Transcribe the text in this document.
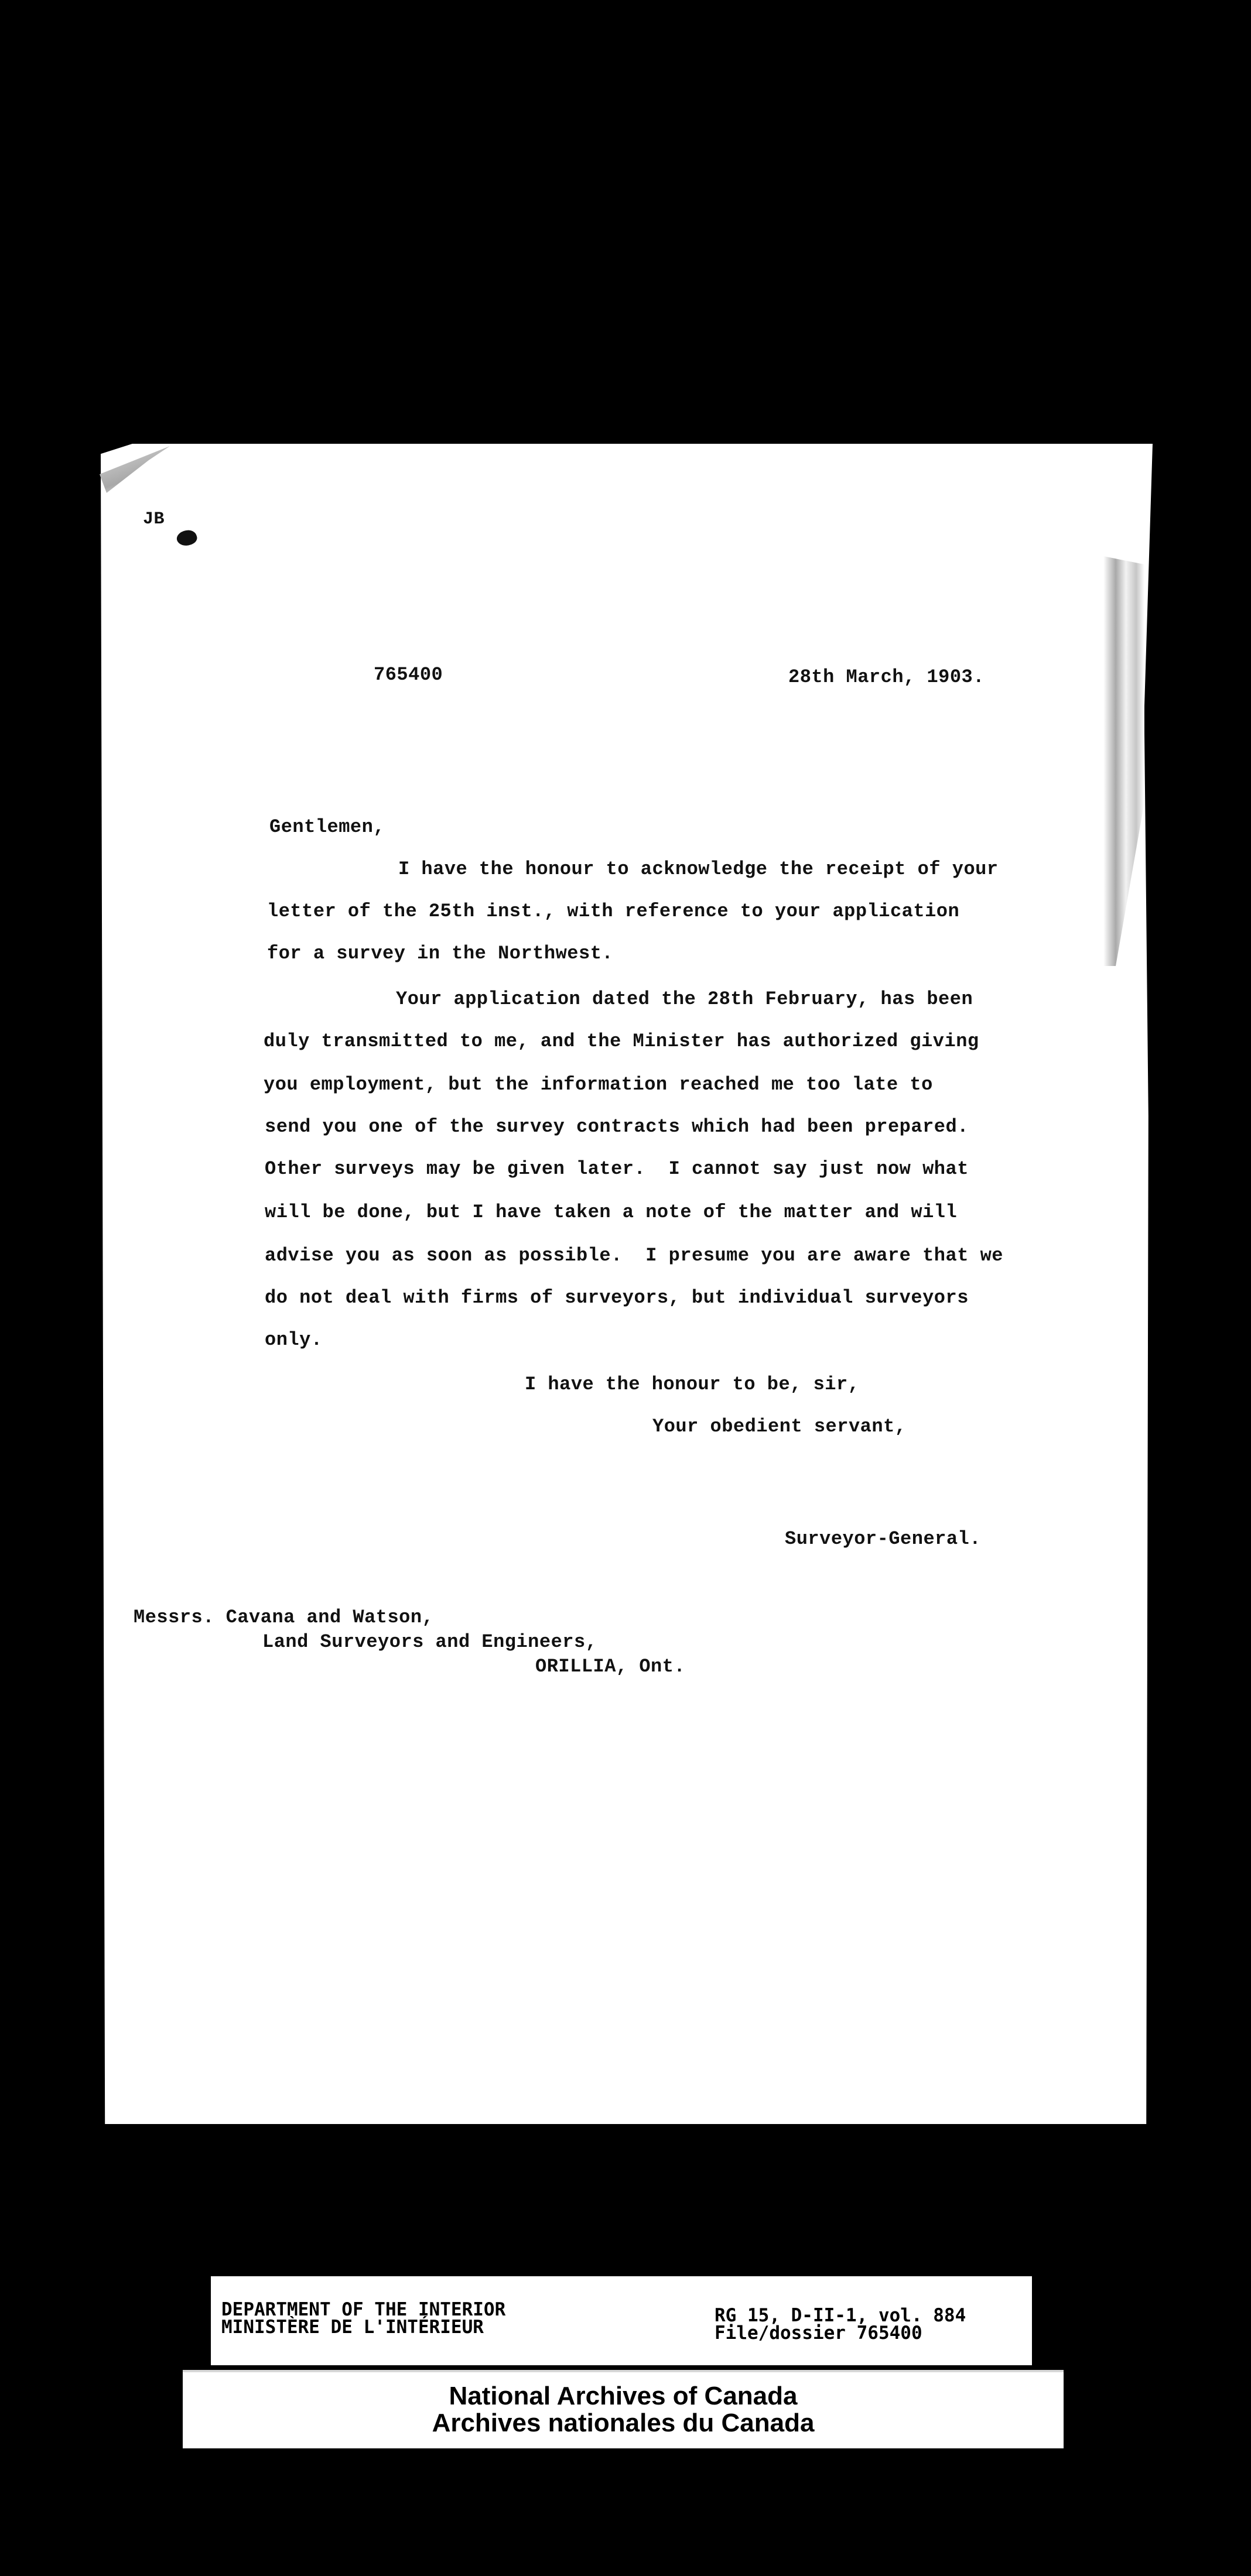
JB
765400	28th March, 1903.
Gentlemen,
I have the honour to acknowledge the receipt of your
letter of the 25th inst., with reference to your application
for a survey in the Northwest.
Your application dated the 28th February, has been
duly transmitted to me, and the Minister has authorized giving
you employment, but the information reached me too late to
send you one of the survey contracts which had been prepared.
Other surveys may be given later.  I cannot say just now what
will be done, but I have taken a note of the matter and will
advise you as soon as possible.  I presume you are aware that we
do not deal with firms of surveyors, but individual surveyors
only.
I have the honour to be, sir,
Your obedient servant,
Surveyor-General.
Messrs. Cavana and Watson,
Land Surveyors and Engineers,
ORILLIA, Ont.
DEPARTMENT OF THE INTERIOR
MINISTÈRE DE L'INTÉRIEUR
RG 15, D-II-1, vol. 884
File/dossier 765400
National Archives of Canada
Archives nationales du Canada
